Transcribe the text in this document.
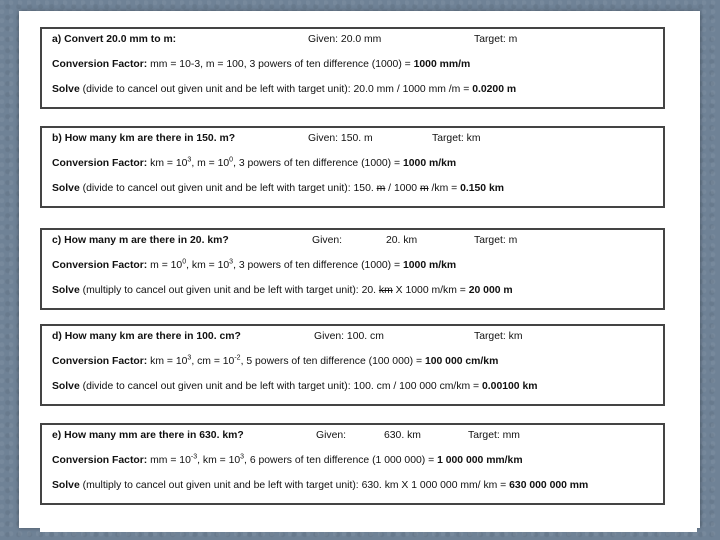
a) Convert 20.0 mm to m:	Given: 20.0 mm	Target: m
Conversion Factor: mm = 10-3, m = 100, 3 powers of ten difference (1000) = 1000 mm/m
Solve (divide to cancel out given unit and be left with target unit): 20.0 mm / 1000 mm /m = 0.0200 m
b) How many km are there in 150. m?	Given: 150. m	Target: km
Conversion Factor: km = $10^3$, $m = 10^0$, 3 powers of ten difference (1000) = 1000 m/km
Solve (divide to cancel out given unit and be left with target unit): 150. m / 1000 m /km = 0.150 km
c) How many m are there in 20. km?	Given:	20. km	Target: m
Conversion Factor: $m = 10^0$, km = $10^3$, 3 powers of ten difference (1000) = 1000 m/km
Solve (multiply to cancel out given unit and be left with target unit): 20. km X 1000 m/km = 20 000 m
d) How many km are there in 100. cm?	Given: 100. cm	Target: km
Conversion Factor: km = $10^3$, cm = $10^{-2}$, 5 powers of ten difference (100 000) = 100 000 cm/km
Solve (divide to cancel out given unit and be left with target unit): 100. cm / 100 000 cm/km = 0.00100 km
e) How many mm are there in 630. km?	Given:	630. km	Target: mm
Conversion Factor: mm = $10^{-3}$, km = $10^3$, 6 powers of ten difference (1 000 000) = 1 000 000 mm/km
Solve (multiply to cancel out given unit and be left with target unit): 630. km X 1 000 000 mm/ km = 630 000 000 mm
